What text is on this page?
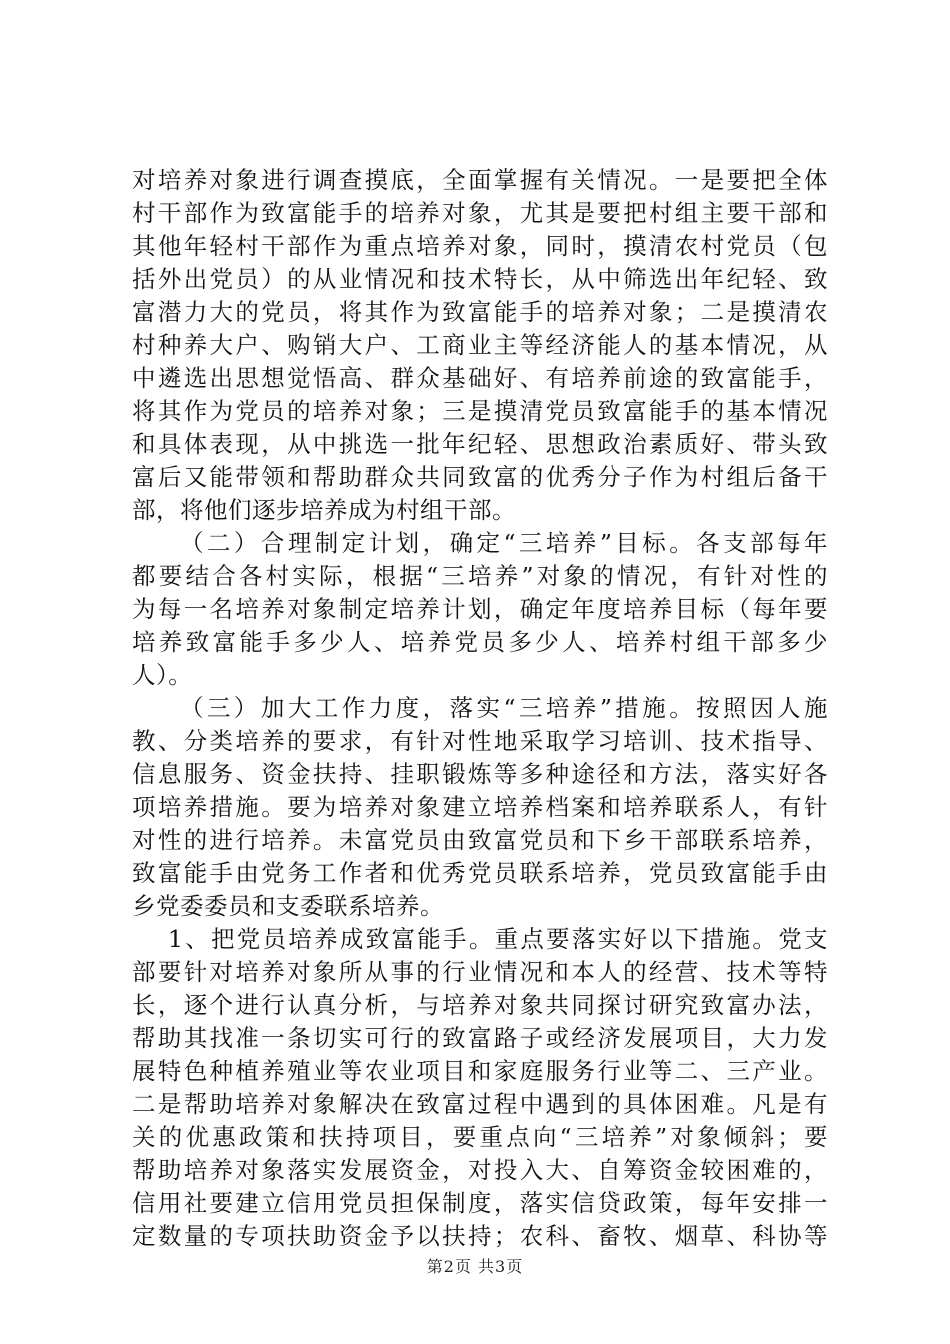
对培养对象进行调查摸底，全面掌握有关情况。一是要把全体
村干部作为致富能手的培养对象，尤其是要把村组主要干部和
其他年轻村干部作为重点培养对象，同时，摸清农村党员（包
括外出党员）的从业情况和技术特长，从中筛选出年纪轻、致
富潜力大的党员，将其作为致富能手的培养对象；二是摸清农
村种养大户、购销大户、工商业主等经济能人的基本情况，从
中遴选出思想觉悟高、群众基础好、有培养前途的致富能手，
将其作为党员的培养对象；三是摸清党员致富能手的基本情况
和具体表现，从中挑选一批年纪轻、思想政治素质好、带头致
富后又能带领和帮助群众共同致富的优秀分子作为村组后备干
部，将他们逐步培养成为村组干部。
（二）合理制定计划，确定“三培养”目标。各支部每年
都要结合各村实际，根据“三培养”对象的情况，有针对性的
为每一名培养对象制定培养计划，确定年度培养目标（每年要
培养致富能手多少人、培养党员多少人、培养村组干部多少
人）。
（三）加大工作力度，落实“三培养”措施。按照因人施
教、分类培养的要求，有针对性地采取学习培训、技术指导、
信息服务、资金扶持、挂职锻炼等多种途径和方法，落实好各
项培养措施。要为培养对象建立培养档案和培养联系人，有针
对性的进行培养。未富党员由致富党员和下乡干部联系培养，
致富能手由党务工作者和优秀党员联系培养，党员致富能手由
乡党委委员和支委联系培养。
1、把党员培养成致富能手。重点要落实好以下措施。党支
部要针对培养对象所从事的行业情况和本人的经营、技术等特
长，逐个进行认真分析，与培养对象共同探讨研究致富办法，
帮助其找准一条切实可行的致富路子或经济发展项目，大力发
展特色种植养殖业等农业项目和家庭服务行业等二、三产业。
二是帮助培养对象解决在致富过程中遇到的具体困难。凡是有
关的优惠政策和扶持项目，要重点向“三培养”对象倾斜；要
帮助培养对象落实发展资金，对投入大、自筹资金较困难的，
信用社要建立信用党员担保制度，落实信贷政策，每年安排一
定数量的专项扶助资金予以扶持；农科、畜牧、烟草、科协等
第2页 共3页
